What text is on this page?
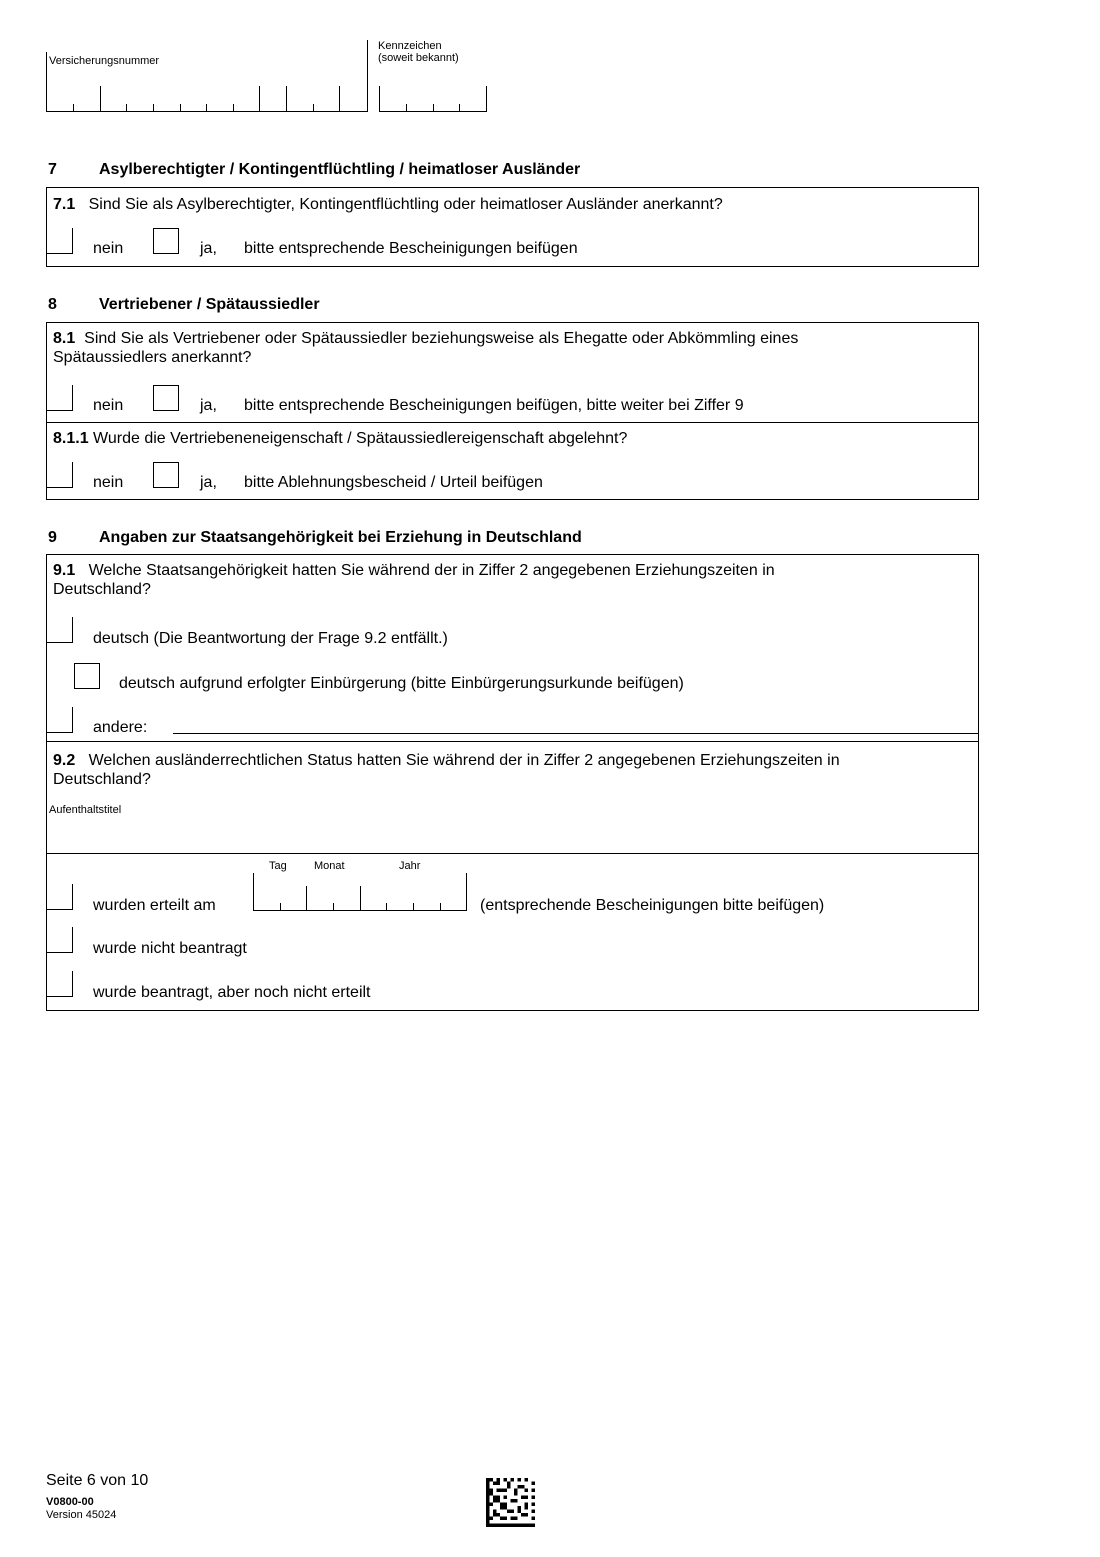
Versicherungsnummer
Kennzeichen
(soweit bekannt)
7	Asylberechtigter / Kontingentflüchtling / heimatloser Ausländer
7.1 Sind Sie als Asylberechtigter, Kontingentflüchtling oder heimatloser Ausländer anerkannt?
nein	ja, bitte entsprechende Bescheinigungen beifügen
8	Vertriebener / Spätaussiedler
8.1 Sind Sie als Vertriebener oder Spätaussiedler beziehungsweise als Ehegatte oder Abkömmling eines
Spätaussiedlers anerkannt?
nein	ja, bitte entsprechende Bescheinigungen beifügen, bitte weiter bei Ziffer 9
8.1.1 Wurde die Vertriebeneneigenschaft / Spätaussiedlereigenschaft abgelehnt?
nein	ja, bitte Ablehnungsbescheid / Urteil beifügen
9	Angaben zur Staatsangehörigkeit bei Erziehung in Deutschland
9.1 Welche Staatsangehörigkeit hatten Sie während der in Ziffer 2 angegebenen Erziehungszeiten in
Deutschland?
deutsch (Die Beantwortung der Frage 9.2 entfällt.)
deutsch aufgrund erfolgter Einbürgerung (bitte Einbürgerungsurkunde beifügen)
andere:
9.2 Welchen ausländerrechtlichen Status hatten Sie während der in Ziffer 2 angegebenen Erziehungszeiten in
Deutschland?
Aufenthaltstitel
Tag Monat	Jahr
wurden erteilt am	(entsprechende Bescheinigungen bitte beifügen)
wurde nicht beantragt
wurde beantragt, aber noch nicht erteilt
Seite 6 von 10
V0800-00
Version 45024
